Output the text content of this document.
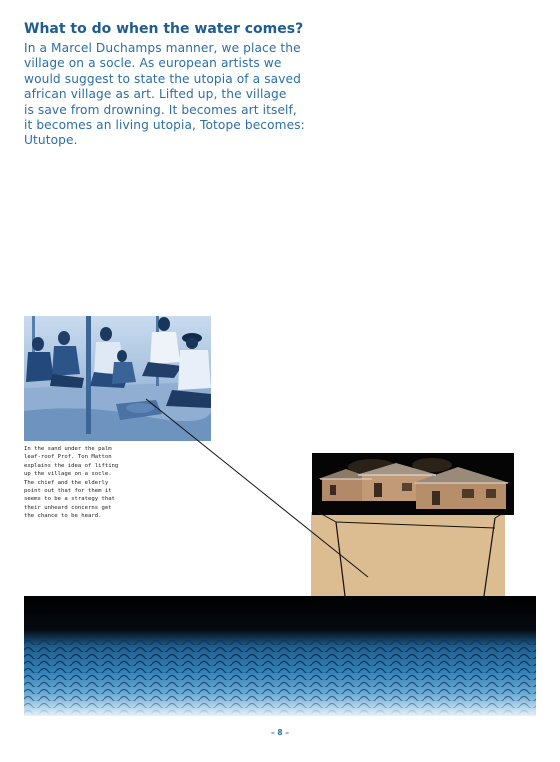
What to do when the water comes?

In a Marcel Duchamps manner, we place the
village on a socle. As european artists we
would suggest to state the utopia of a saved
african village as art. Lifted up, the village
is save from drowning. It becomes art itself,
it becomes an living utopia, Totope becomes:
Ututope.

In the sand under the palm
leaf-roof Prof. Ton Matton
explains the idea of lifting
up the village on a socle.
The chief and the elderly
point out that for them it
seems to be a strategy that
their unheard concerns get
the chance to be heard.

– 8 –
